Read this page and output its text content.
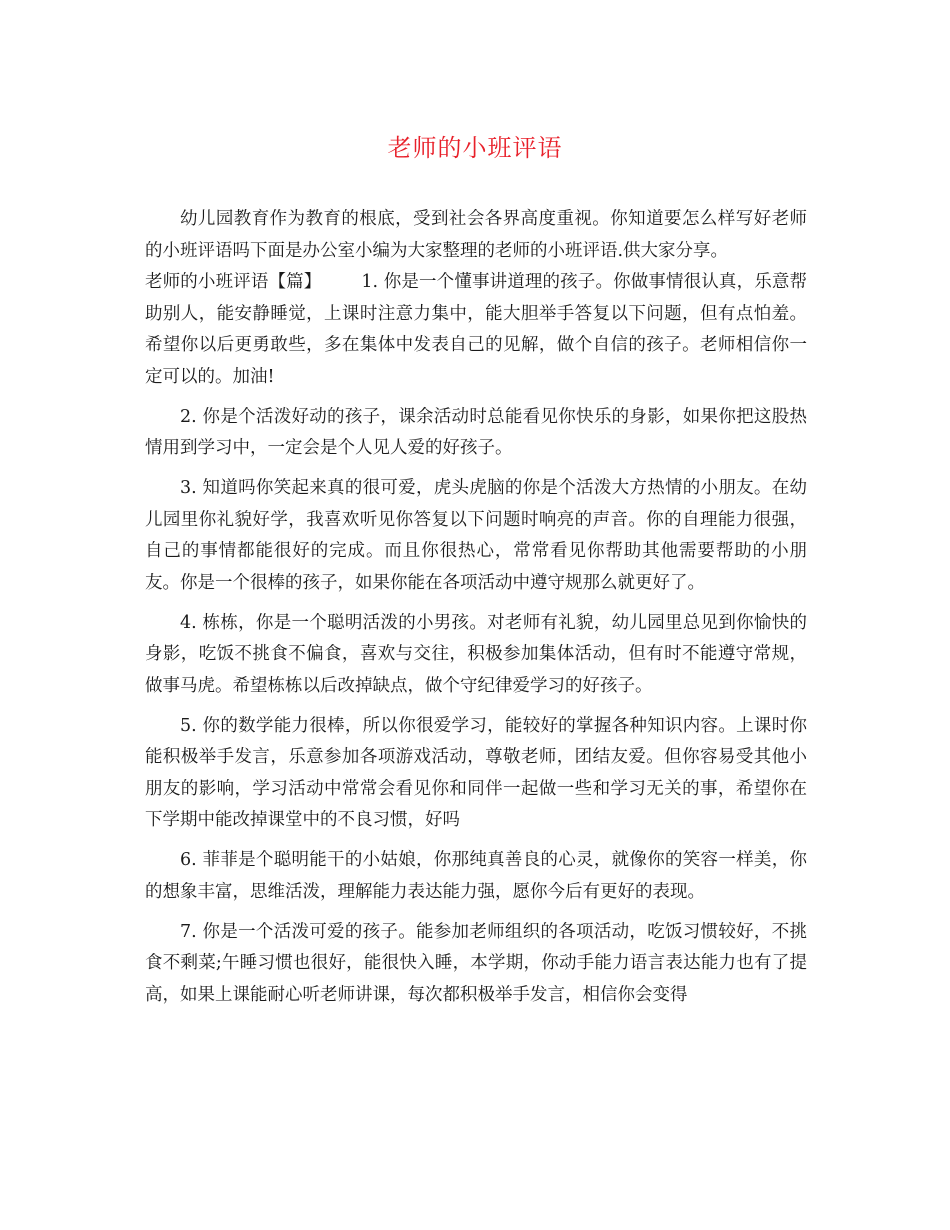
老师的小班评语

幼儿园教育作为教育的根底，受到社会各界高度重视。你知道要怎么样写好老师的小班评语吗下面是办公室小编为大家整理的老师的小班评语.供大家分享。

老师的小班评语【篇】 1. 你是一个懂事讲道理的孩子。你做事情很认真，乐意帮助别人，能安静睡觉，上课时注意力集中，能大胆举手答复以下问题，但有点怕羞。希望你以后更勇敢些，多在集体中发表自己的见解，做个自信的孩子。老师相信你一定可以的。加油!

2. 你是个活泼好动的孩子，课余活动时总能看见你快乐的身影，如果你把这股热情用到学习中，一定会是个人见人爱的好孩子。

3. 知道吗你笑起来真的很可爱，虎头虎脑的你是个活泼大方热情的小朋友。在幼儿园里你礼貌好学，我喜欢听见你答复以下问题时响亮的声音。你的自理能力很强，自己的事情都能很好的完成。而且你很热心，常常看见你帮助其他需要帮助的小朋友。你是一个很棒的孩子，如果你能在各项活动中遵守规那么就更好了。

4. 栋栋，你是一个聪明活泼的小男孩。对老师有礼貌，幼儿园里总见到你愉快的身影，吃饭不挑食不偏食，喜欢与交往，积极参加集体活动，但有时不能遵守常规，做事马虎。希望栋栋以后改掉缺点，做个守纪律爱学习的好孩子。

5. 你的数学能力很棒，所以你很爱学习，能较好的掌握各种知识内容。上课时你能积极举手发言，乐意参加各项游戏活动，尊敬老师，团结友爱。但你容易受其他小朋友的影响，学习活动中常常会看见你和同伴一起做一些和学习无关的事，希望你在下学期中能改掉课堂中的不良习惯，好吗

6. 菲菲是个聪明能干的小姑娘，你那纯真善良的心灵，就像你的笑容一样美，你的想象丰富，思维活泼，理解能力表达能力强，愿你今后有更好的表现。

7. 你是一个活泼可爱的孩子。能参加老师组织的各项活动，吃饭习惯较好，不挑食不剩菜;午睡习惯也很好，能很快入睡，本学期，你动手能力语言表达能力也有了提高，如果上课能耐心听老师讲课，每次都积极举手发言，相信你会变得
